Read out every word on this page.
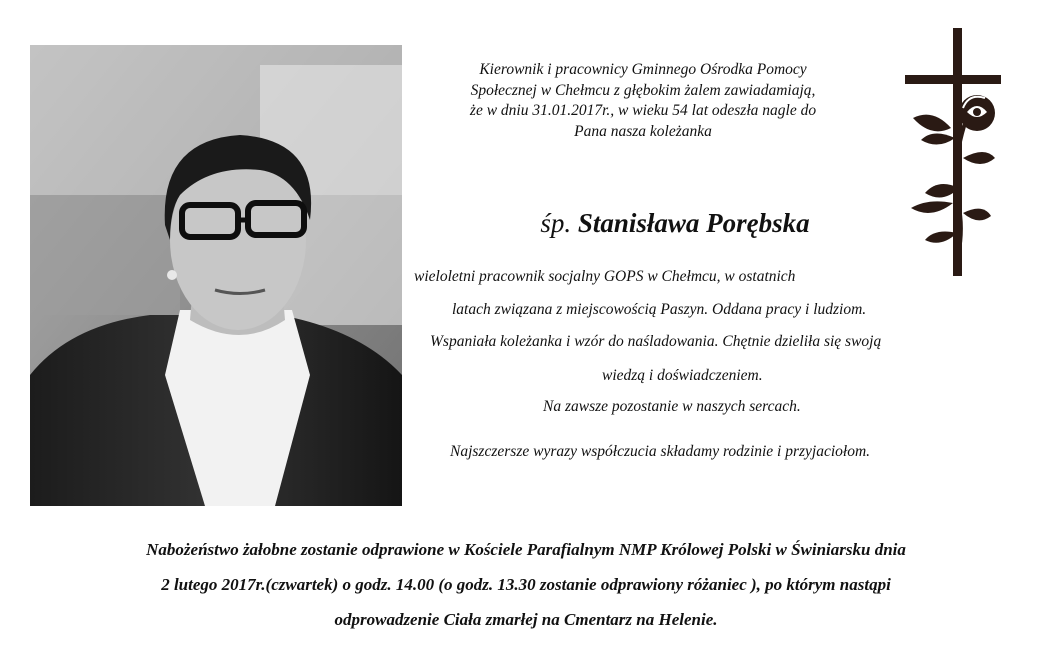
Kierownik i pracownicy Gminnego Ośrodka Pomocy
Społecznej w Chełmcu z głębokim żalem zawiadamiają,
że w dniu 31.01.2017r., w wieku 54 lat odeszła nagle do
Pana nasza koleżanka
śp. Stanisława Porębska
wieloletni pracownik socjalny GOPS w Chełmcu, w ostatnich
latach związana z miejscowością Paszyn. Oddana pracy i ludziom.
Wspaniała koleżanka i wzór do naśladowania. Chętnie dzieliła się swoją
wiedzą i doświadczeniem.
Na zawsze pozostanie w naszych sercach.
Najszczersze wyrazy współczucia składamy rodzinie i przyjaciołom.
Nabożeństwo żałobne zostanie odprawione w Kościele Parafialnym NMP Królowej Polski w Świniarsku dnia
2 lutego 2017r.(czwartek) o godz. 14.00 (o godz. 13.30 zostanie odprawiony różaniec ), po którym nastąpi
odprowadzenie Ciała zmarłej na Cmentarz na Helenie.
